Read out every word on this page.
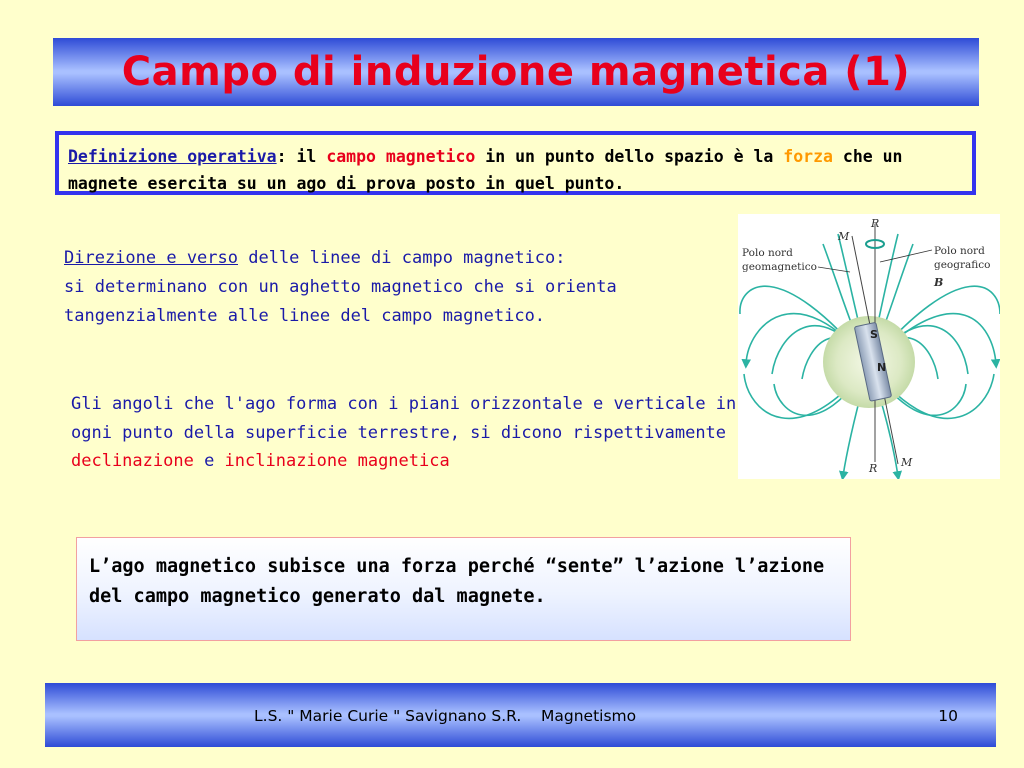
Campo di induzione magnetica (1)
Definizione operativa: il campo magnetico in un punto dello spazio è la forza che un magnete esercita su un ago di prova posto in quel punto.
Direzione e verso delle linee di campo magnetico:
si determinano con un aghetto magnetico che si orienta
tangenzialmente alle linee del campo magnetico.
Gli angoli che l'ago forma con i piani orizzontale e verticale in ogni punto della superficie terrestre, si dicono rispettivamente declinazione e inclinazione magnetica
Polo nord
geomagnetico
Polo nord
geografico
B
M
R
R M
S
N
L’ago magnetico subisce una forza perché “sente” l’azione l’azione del campo magnetico generato dal magnete.
L.S. " Marie Curie " Savignano S.R.    Magnetismo	10
